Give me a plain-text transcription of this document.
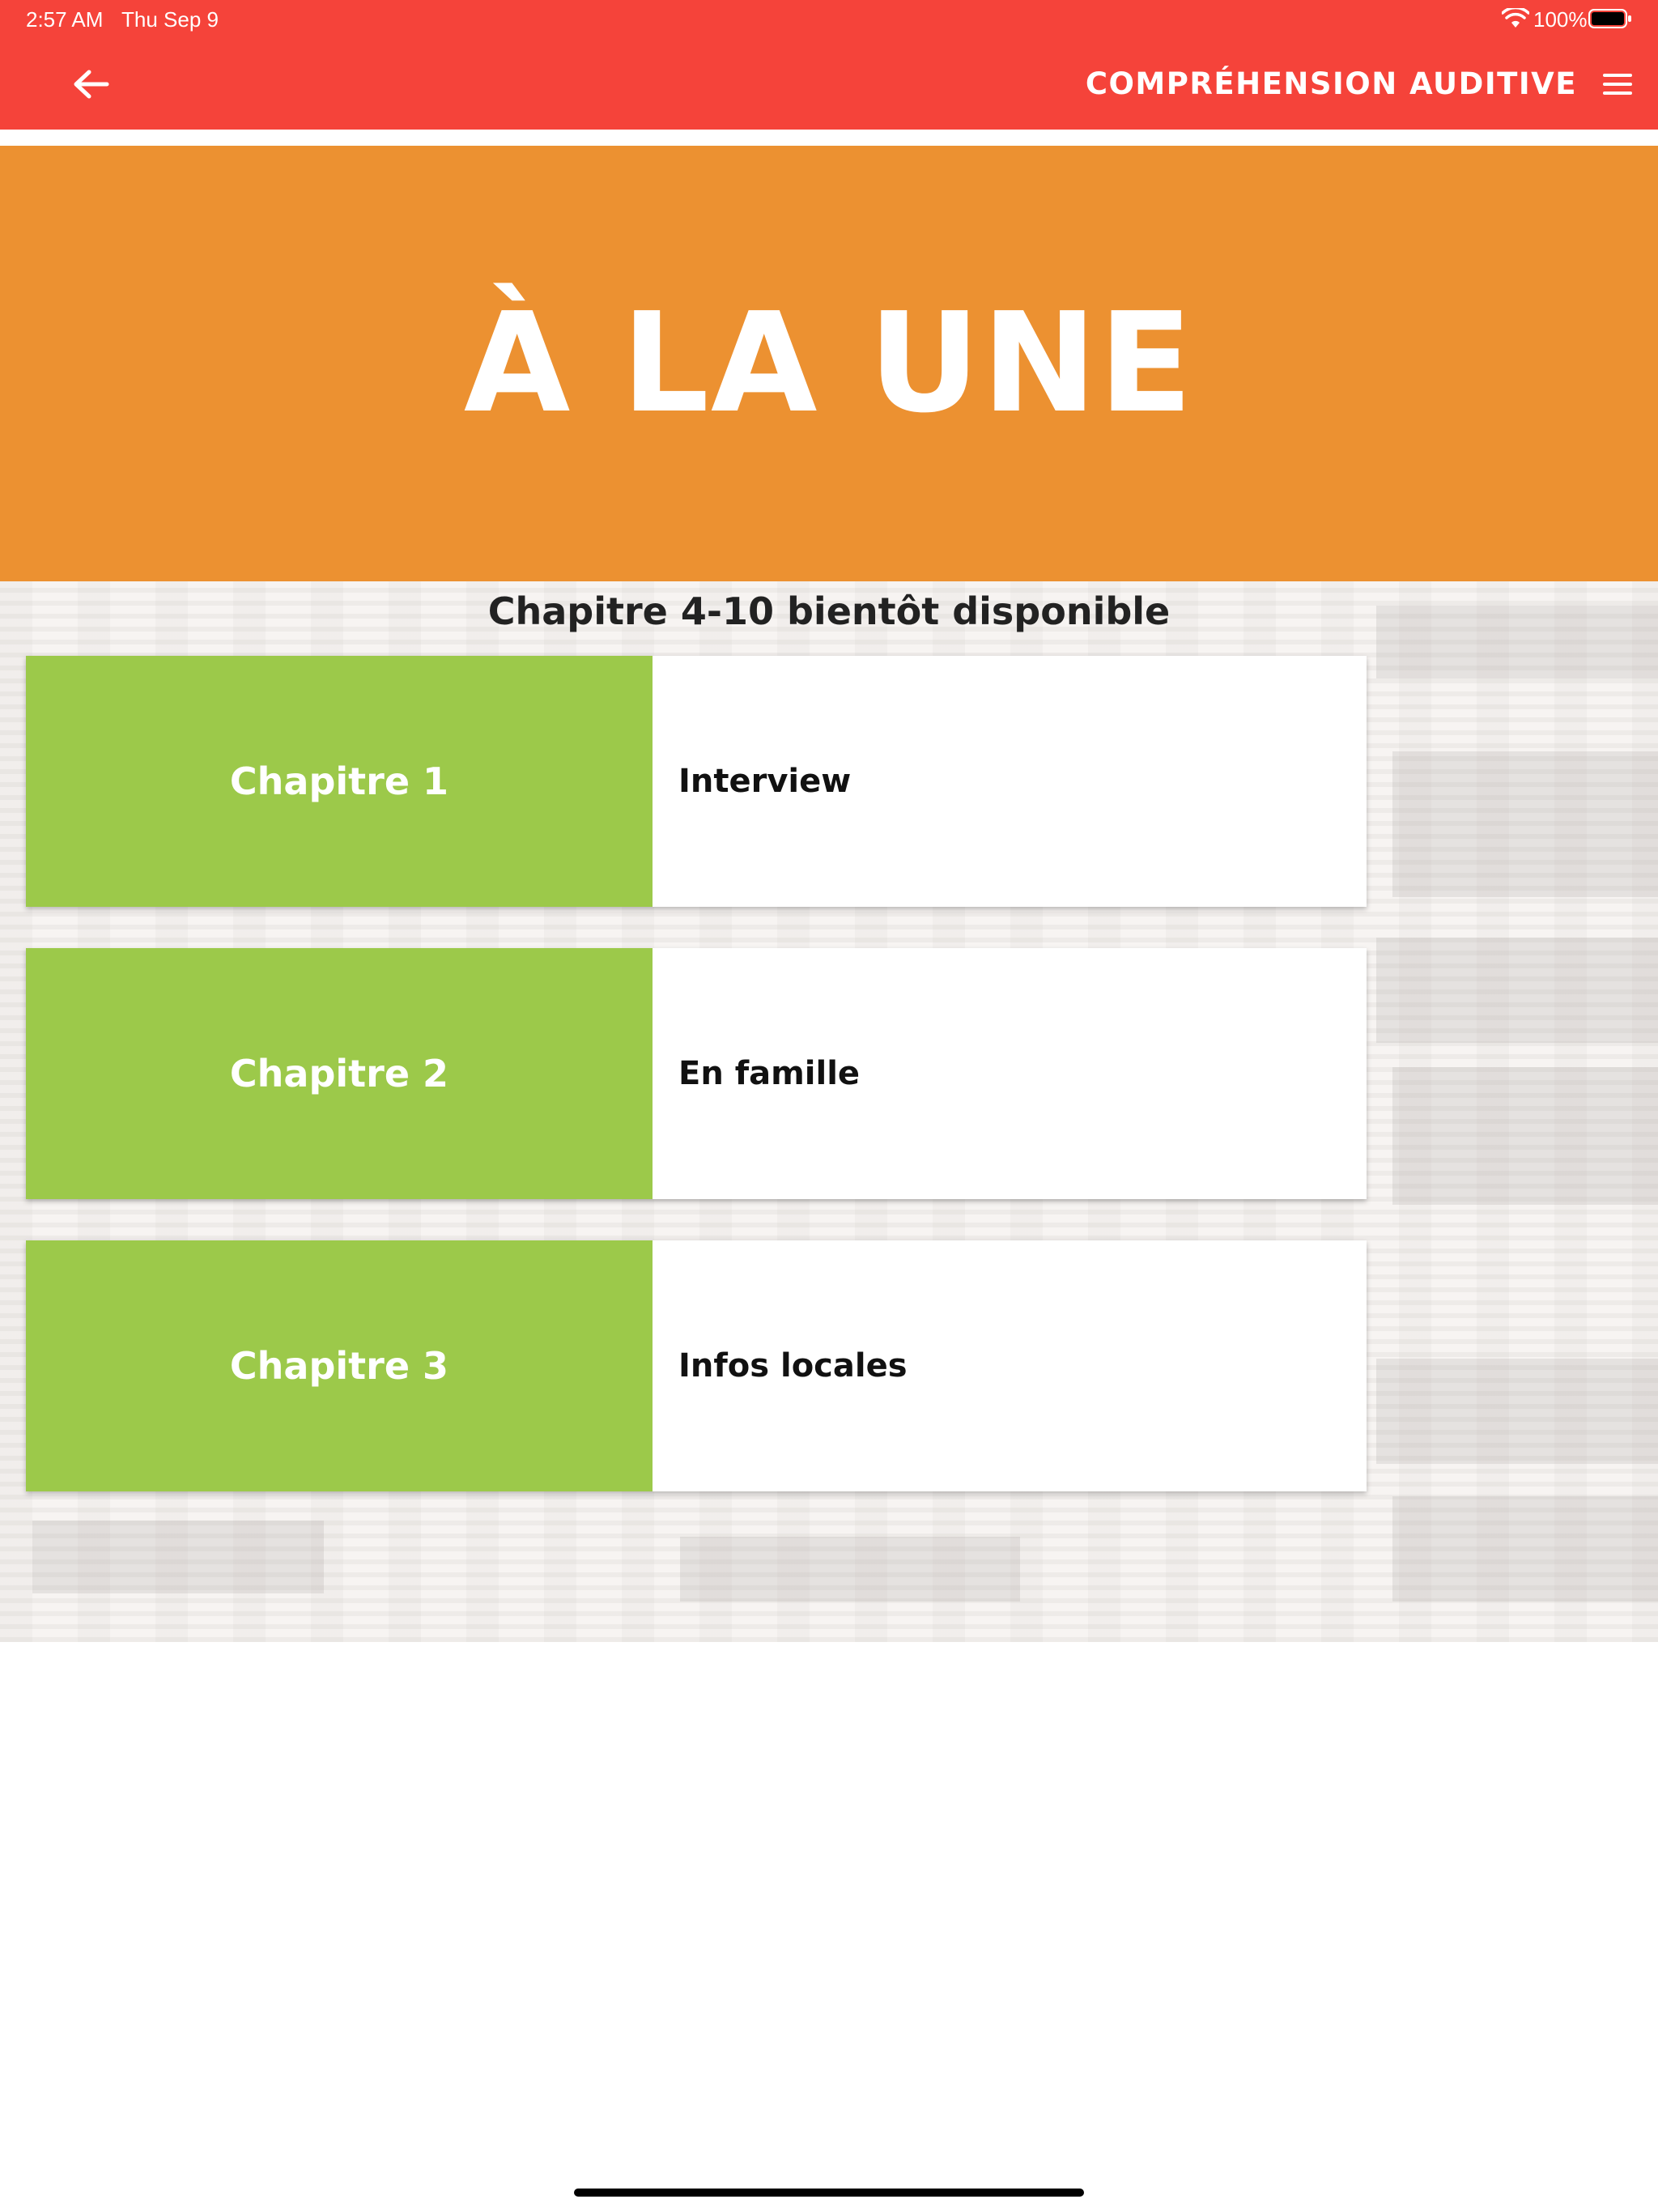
2:57 AM Thu Sep 9	100%
COMPRÉHENSION AUDITIVE
À LA UNE
Chapitre 4-10 bientôt disponible
Chapitre 1	Interview
Chapitre 2	En famille
Chapitre 3	Infos locales
